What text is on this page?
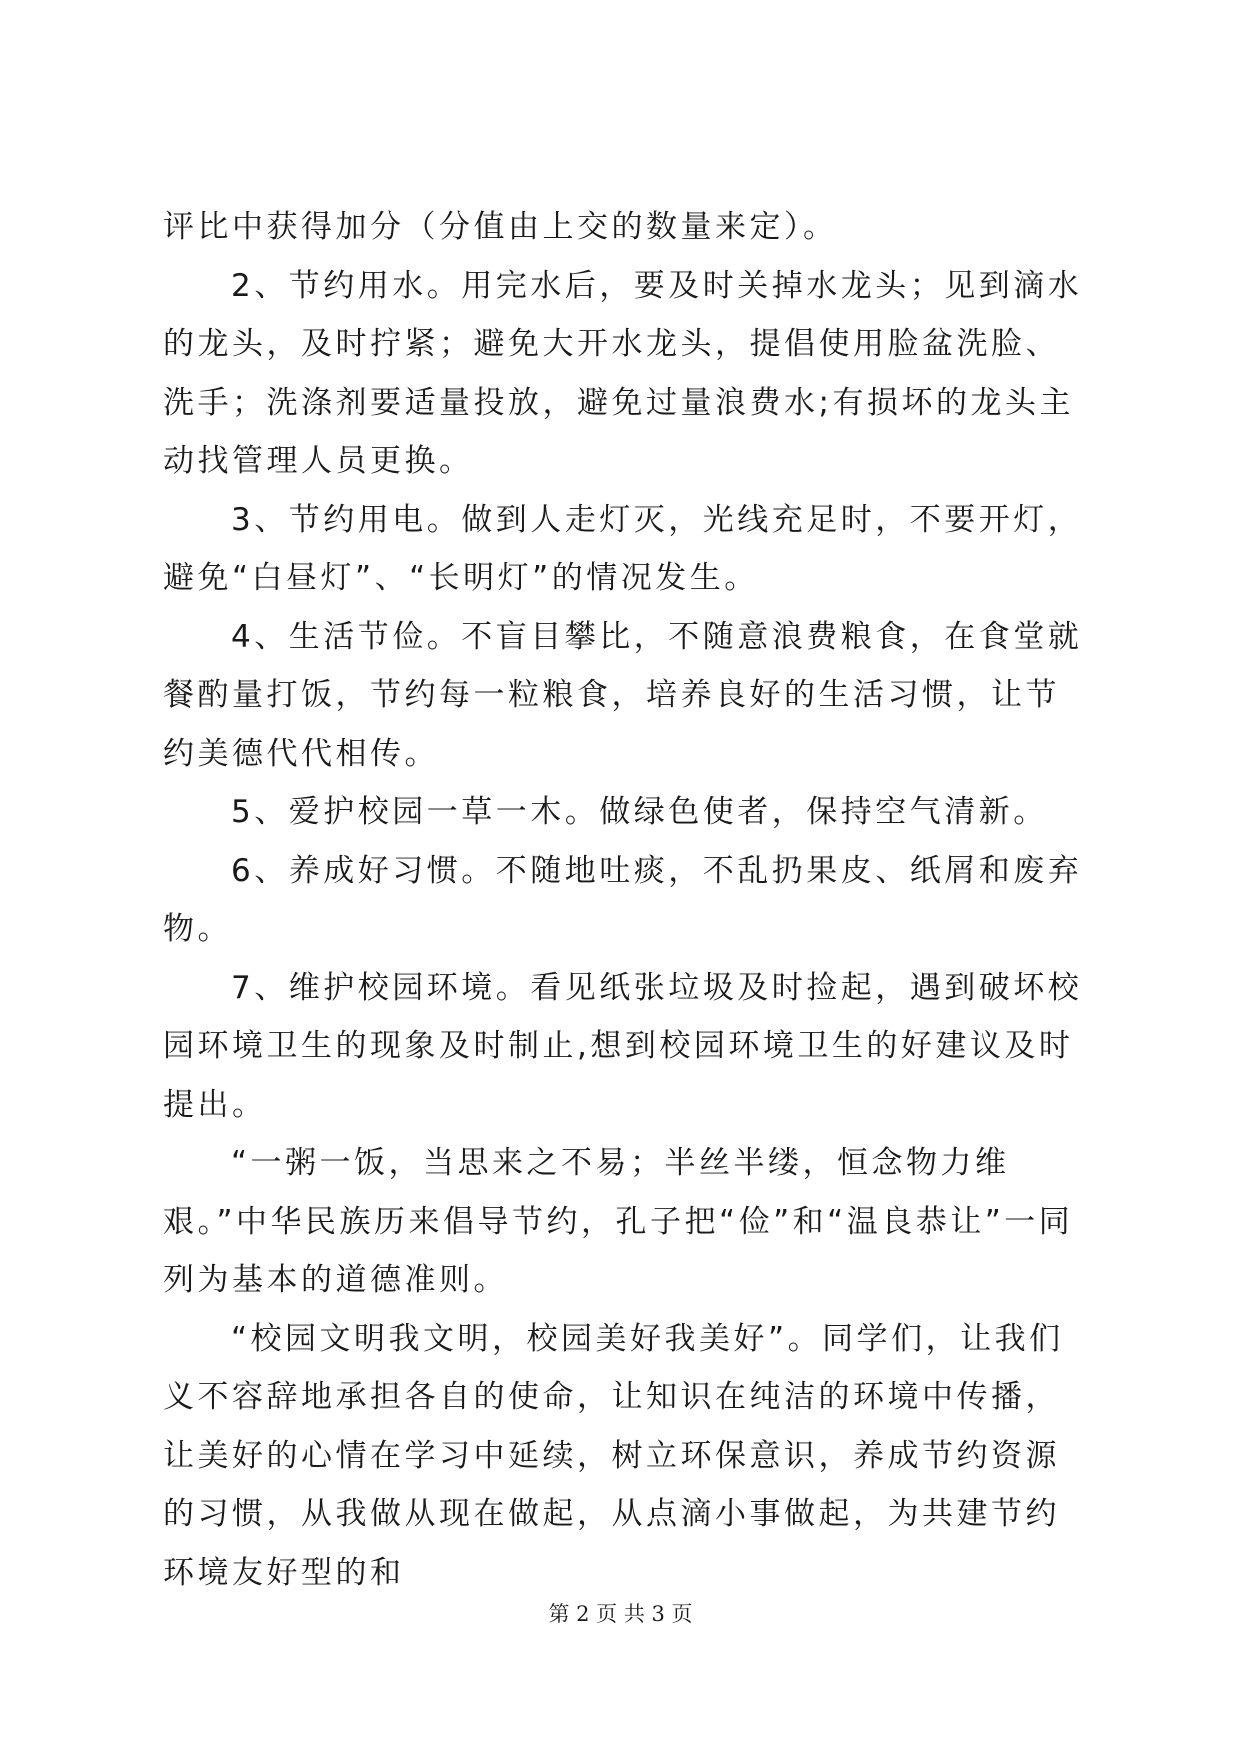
评比中获得加分（分值由上交的数量来定）。

2、节约用水。用完水后，要及时关掉水龙头；见到滴水的龙头，及时拧紧；避免大开水龙头，提倡使用脸盆洗脸、洗手；洗涤剂要适量投放，避免过量浪费水;有损坏的龙头主动找管理人员更换。

3、节约用电。做到人走灯灭，光线充足时，不要开灯，避免“白昼灯”、“长明灯”的情况发生。

4、生活节俭。不盲目攀比，不随意浪费粮食，在食堂就餐酌量打饭，节约每一粒粮食，培养良好的生活习惯，让节约美德代代相传。

5、爱护校园一草一木。做绿色使者，保持空气清新。

6、养成好习惯。不随地吐痰，不乱扔果皮、纸屑和废弃物。

7、维护校园环境。看见纸张垃圾及时捡起，遇到破坏校园环境卫生的现象及时制止,想到校园环境卫生的好建议及时提出。

“一粥一饭，当思来之不易；半丝半缕，恒念物力维艰。”中华民族历来倡导节约，孔子把“俭”和“温良恭让”一同列为基本的道德准则。

“校园文明我文明，校园美好我美好”。同学们，让我们义不容辞地承担各自的使命，让知识在纯洁的环境中传播，让美好的心情在学习中延续，树立环保意识，养成节约资源的习惯，从我做从现在做起，从点滴小事做起，为共建节约环境友好型的和

第 2 页 共 3 页
